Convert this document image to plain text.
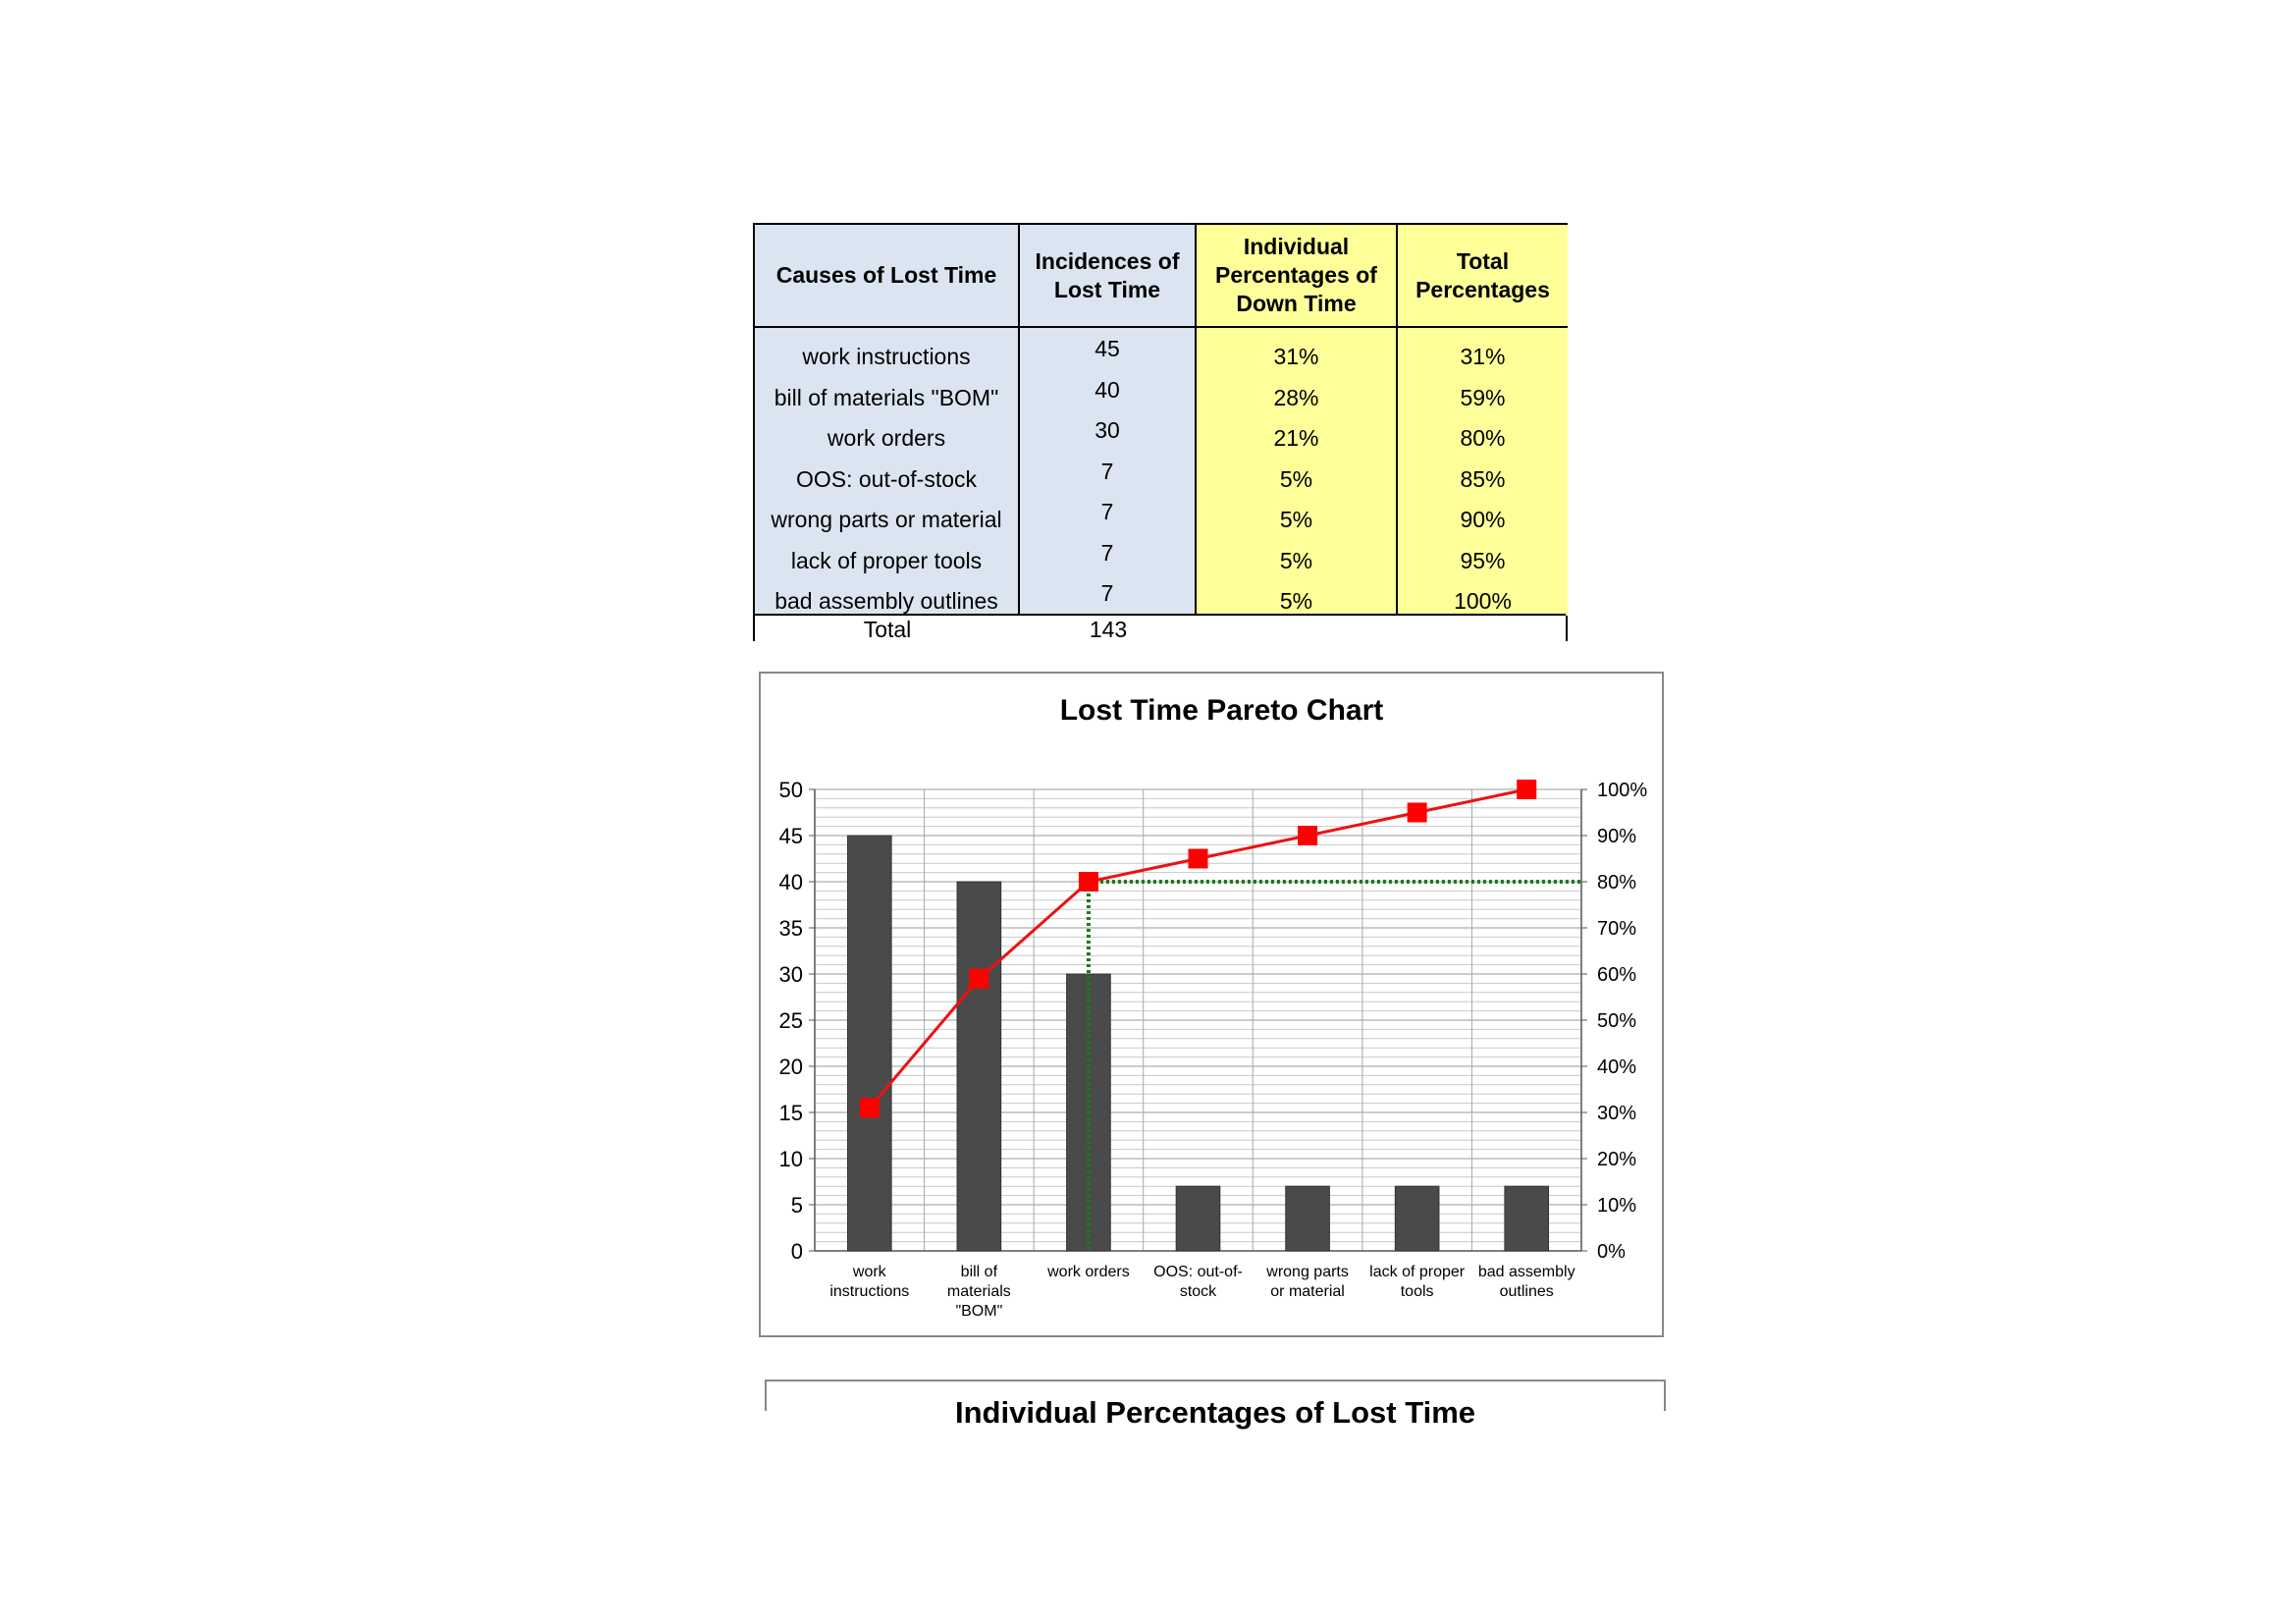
Causes of Lost Time
work instructions
bill of materials "BOM"
work orders
OOS: out-of-stock
wrong parts or material
lack of proper tools
bad assembly outlines
Incidences of Lost Time
45
40
30
7
7
7
7
Individual Percentages of Down Time
31%
28%
21%
5%
5%
5%
5%
Total Percentages
31%
59%
80%
85%
90%
95%
100%
Total	143
Lost Time Pareto Chart
0
5
10
15
20
25
30
35
40
45
50
0%
10%
20%
30%
40%
50%
60%
70%
80%
90%
100%
work instructions
bill of materials "BOM"
work orders OOS: out-of-stock
wrong parts or material
lack of proper tools
bad assembly outlines
Individual Percentages of Lost Time
